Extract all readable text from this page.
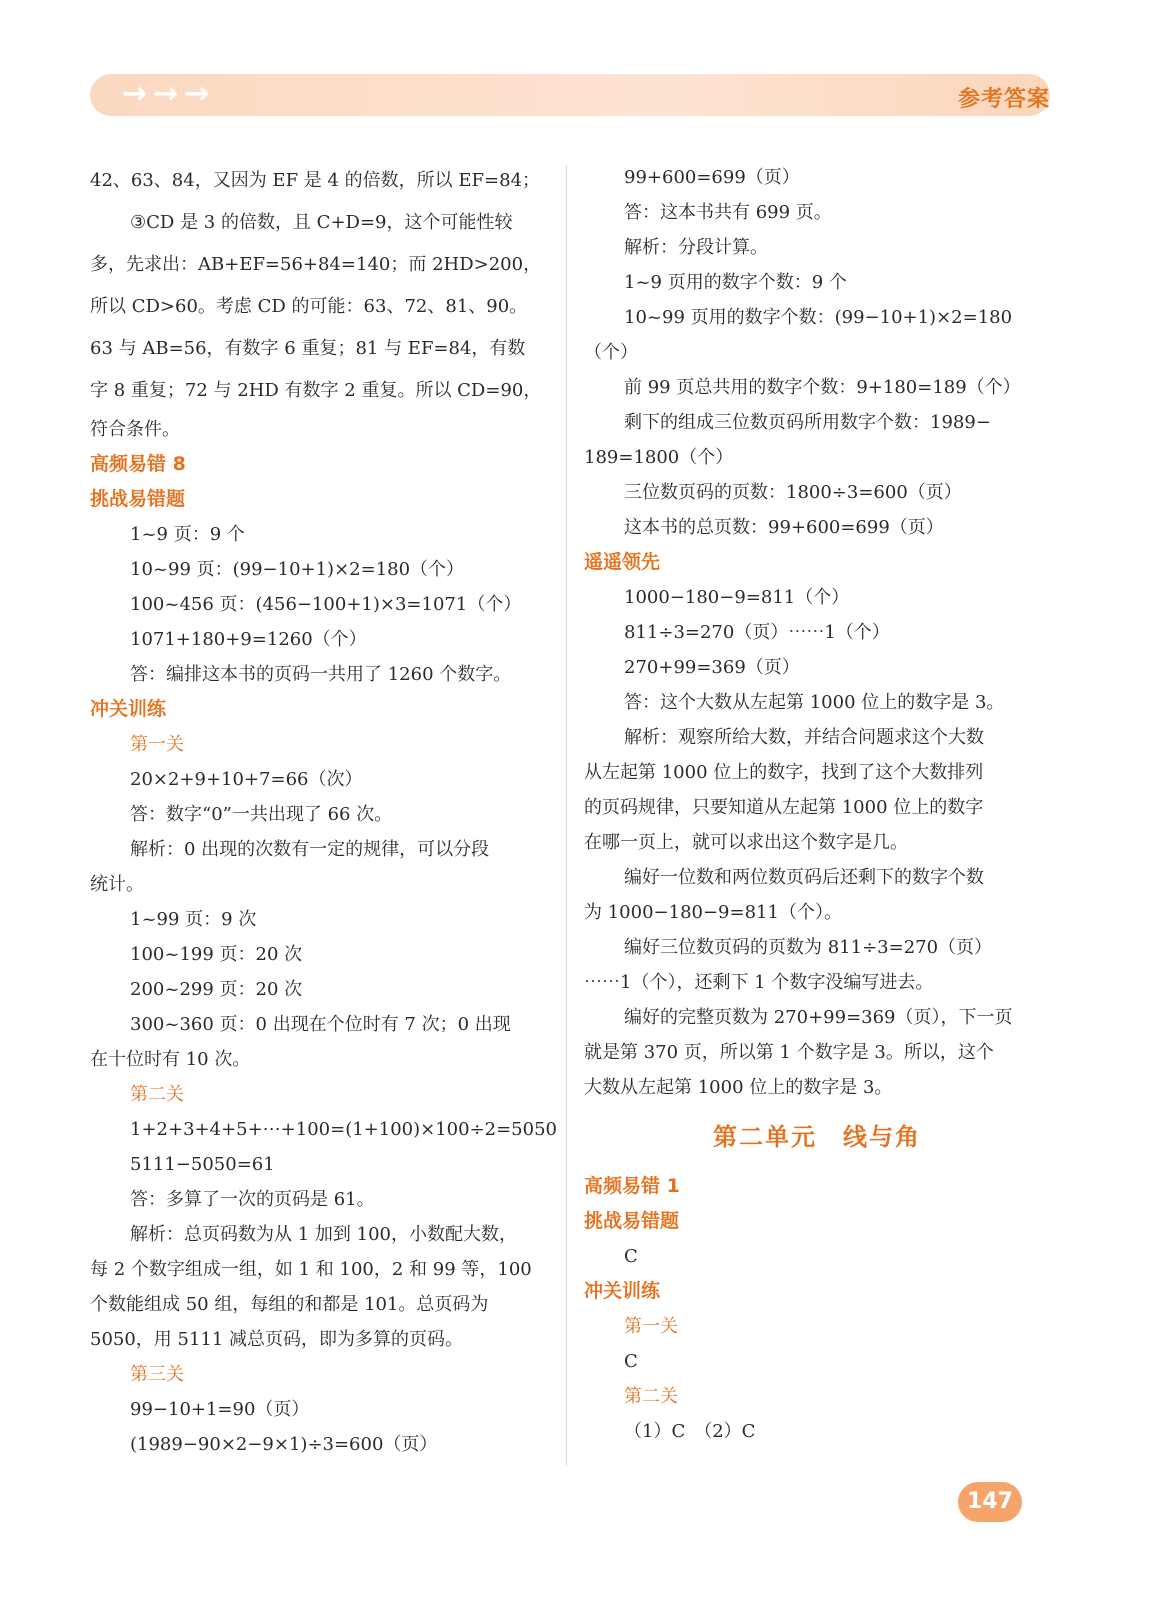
→→→	参考答案
42、63、84，又因为 EF 是 4 的倍数，所以 EF=84；
③CD 是 3 的倍数，且 C+D=9，这个可能性较
多，先求出：AB+EF=56+84=140；而 2HD>200，
所以 CD>60。考虑 CD 的可能：63、72、81、90。
63 与 AB=56，有数字 6 重复；81 与 EF=84，有数
字 8 重复；72 与 2HD 有数字 2 重复。所以 CD=90，
符合条件。
高频易错 8
挑战易错题
1~9 页：9 个
10~99 页：(99−10+1)×2=180（个）
100~456 页：(456−100+1)×3=1071（个）
1071+180+9=1260（个）
答：编排这本书的页码一共用了 1260 个数字。
冲关训练
第一关
20×2+9+10+7=66（次）
答：数字“0”一共出现了 66 次。
解析：0 出现的次数有一定的规律，可以分段
统计。
1~99 页：9 次
100~199 页：20 次
200~299 页：20 次
300~360 页：0 出现在个位时有 7 次；0 出现
在十位时有 10 次。
第二关
1+2+3+4+5+⋯+100=(1+100)×100÷2=5050
5111−5050=61
答：多算了一次的页码是 61。
解析：总页码数为从 1 加到 100，小数配大数，
每 2 个数字组成一组，如 1 和 100，2 和 99 等，100
个数能组成 50 组，每组的和都是 101。总页码为
5050，用 5111 减总页码，即为多算的页码。
第三关
99−10+1=90（页）
(1989−90×2−9×1)÷3=600（页）
99+600=699（页）
答：这本书共有 699 页。
解析：分段计算。
1~9 页用的数字个数：9 个
10~99 页用的数字个数：(99−10+1)×2=180
（个）
前 99 页总共用的数字个数：9+180=189（个）
剩下的组成三位数页码所用数字个数：1989−
189=1800（个）
三位数页码的页数：1800÷3=600（页）
这本书的总页数：99+600=699（页）
遥遥领先
1000−180−9=811（个）
811÷3=270（页）⋯⋯1（个）
270+99=369（页）
答：这个大数从左起第 1000 位上的数字是 3。
解析：观察所给大数，并结合问题求这个大数
从左起第 1000 位上的数字，找到了这个大数排列
的页码规律，只要知道从左起第 1000 位上的数字
在哪一页上，就可以求出这个数字是几。
编好一位数和两位数页码后还剩下的数字个数
为 1000−180−9=811（个）。
编好三位数页码的页数为 811÷3=270（页）
⋯⋯1（个），还剩下 1 个数字没编写进去。
编好的完整页数为 270+99=369（页），下一页
就是第 370 页，所以第 1 个数字是 3。所以，这个
大数从左起第 1000 位上的数字是 3。
第二单元　线与角
高频易错 1
挑战易错题
C
冲关训练
第一关
C
第二关
（1）C　（2）C
147
